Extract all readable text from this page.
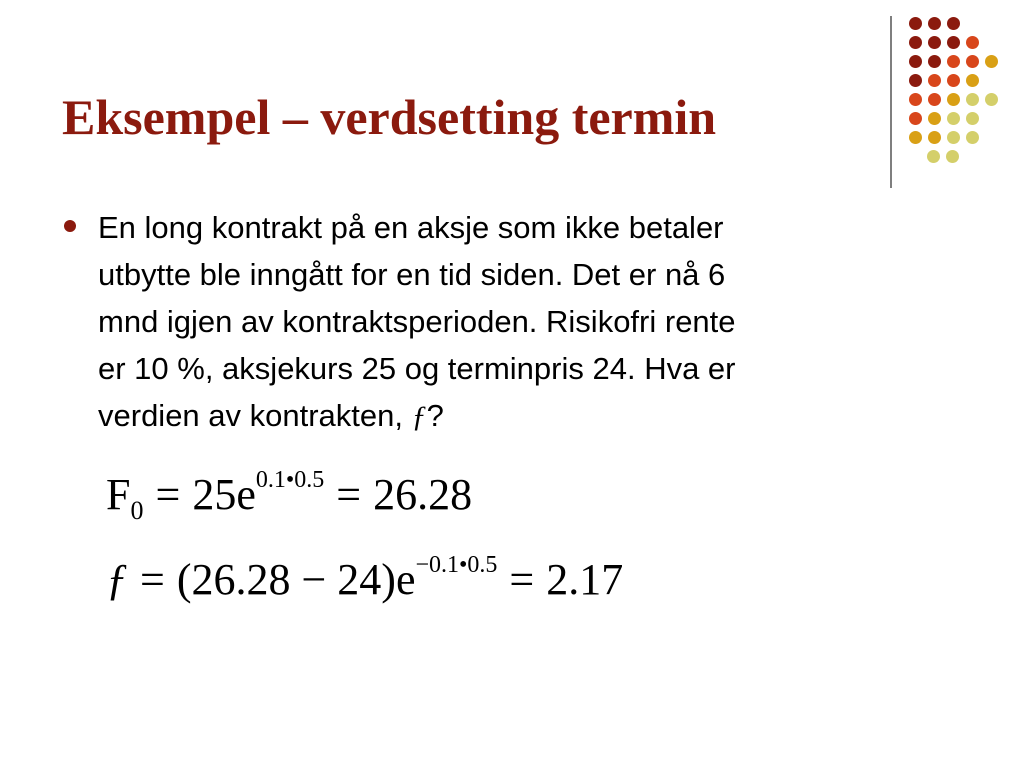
Eksempel – verdsetting termin
En long kontrakt på en aksje som ikke betaler
utbytte ble inngått for en tid siden. Det er nå 6
mnd igjen av kontraktsperioden. Risikofri rente
er 10 %, aksjekurs 25 og terminpris 24. Hva er
verdien av kontrakten, ƒ?
$F_0 = 25e^{0.1•0.5} = 26.28$
ƒ = $(26.28 - 24)e^{-0.1•0.5} = 2.17$
